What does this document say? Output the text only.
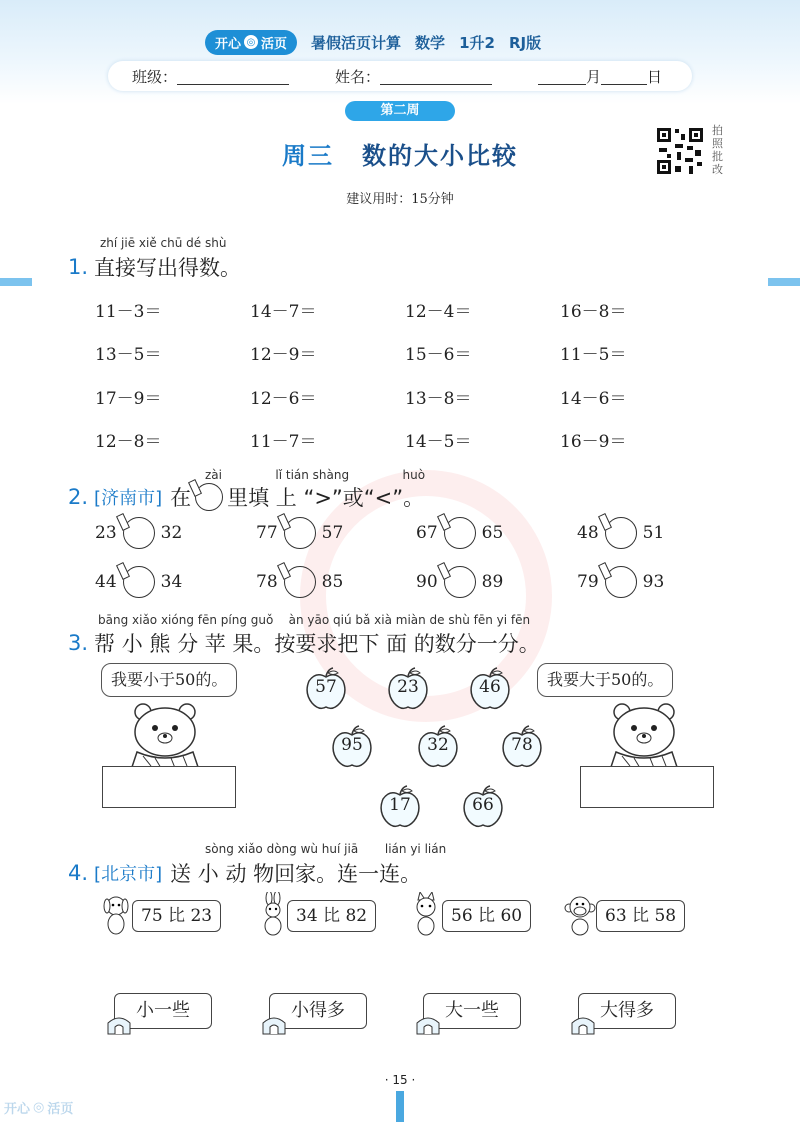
开心 ◎ 活页 暑假活页计算 数学 1升2 RJ版
班级：	姓名：	月	日
第二周
周三 数的大小比较
建议用时：15分钟
拍
照
批
改
zhí jiē xiě chū dé shù
1. 直接写出得数。
11－3＝	14－7＝	12－4＝	16－8＝
13－5＝	12－9＝	15－6＝	11－5＝
17－9＝	12－6＝	13－8＝	14－6＝
12－8＝	11－7＝	14－5＝	16－9＝
zài              lǐ tián shàng              huò
2. [济南市] 在 里填 上 “>”或“<”。
23	32	77	57	67	65	48	51
44	34	78	85	90	89	79	93
bāng xiǎo xióng fēn píng guǒ    àn yāo qiú bǎ xià miàn de shù fēn yi fēn
3. 帮 小 熊 分 苹 果。按要求把下 面 的数分一分。
我要小于50的。	我要大于50的。
57	23	46
95	32	78
17	66
sòng xiǎo dòng wù huí jiā       lián yi lián
4. [北京市] 送 小 动 物回家。连一连。
75 比 23	34 比 82	56 比 60	63 比 58
小一些	小得多	大一些	大得多
· 15 ·
开心 ◎ 活页
